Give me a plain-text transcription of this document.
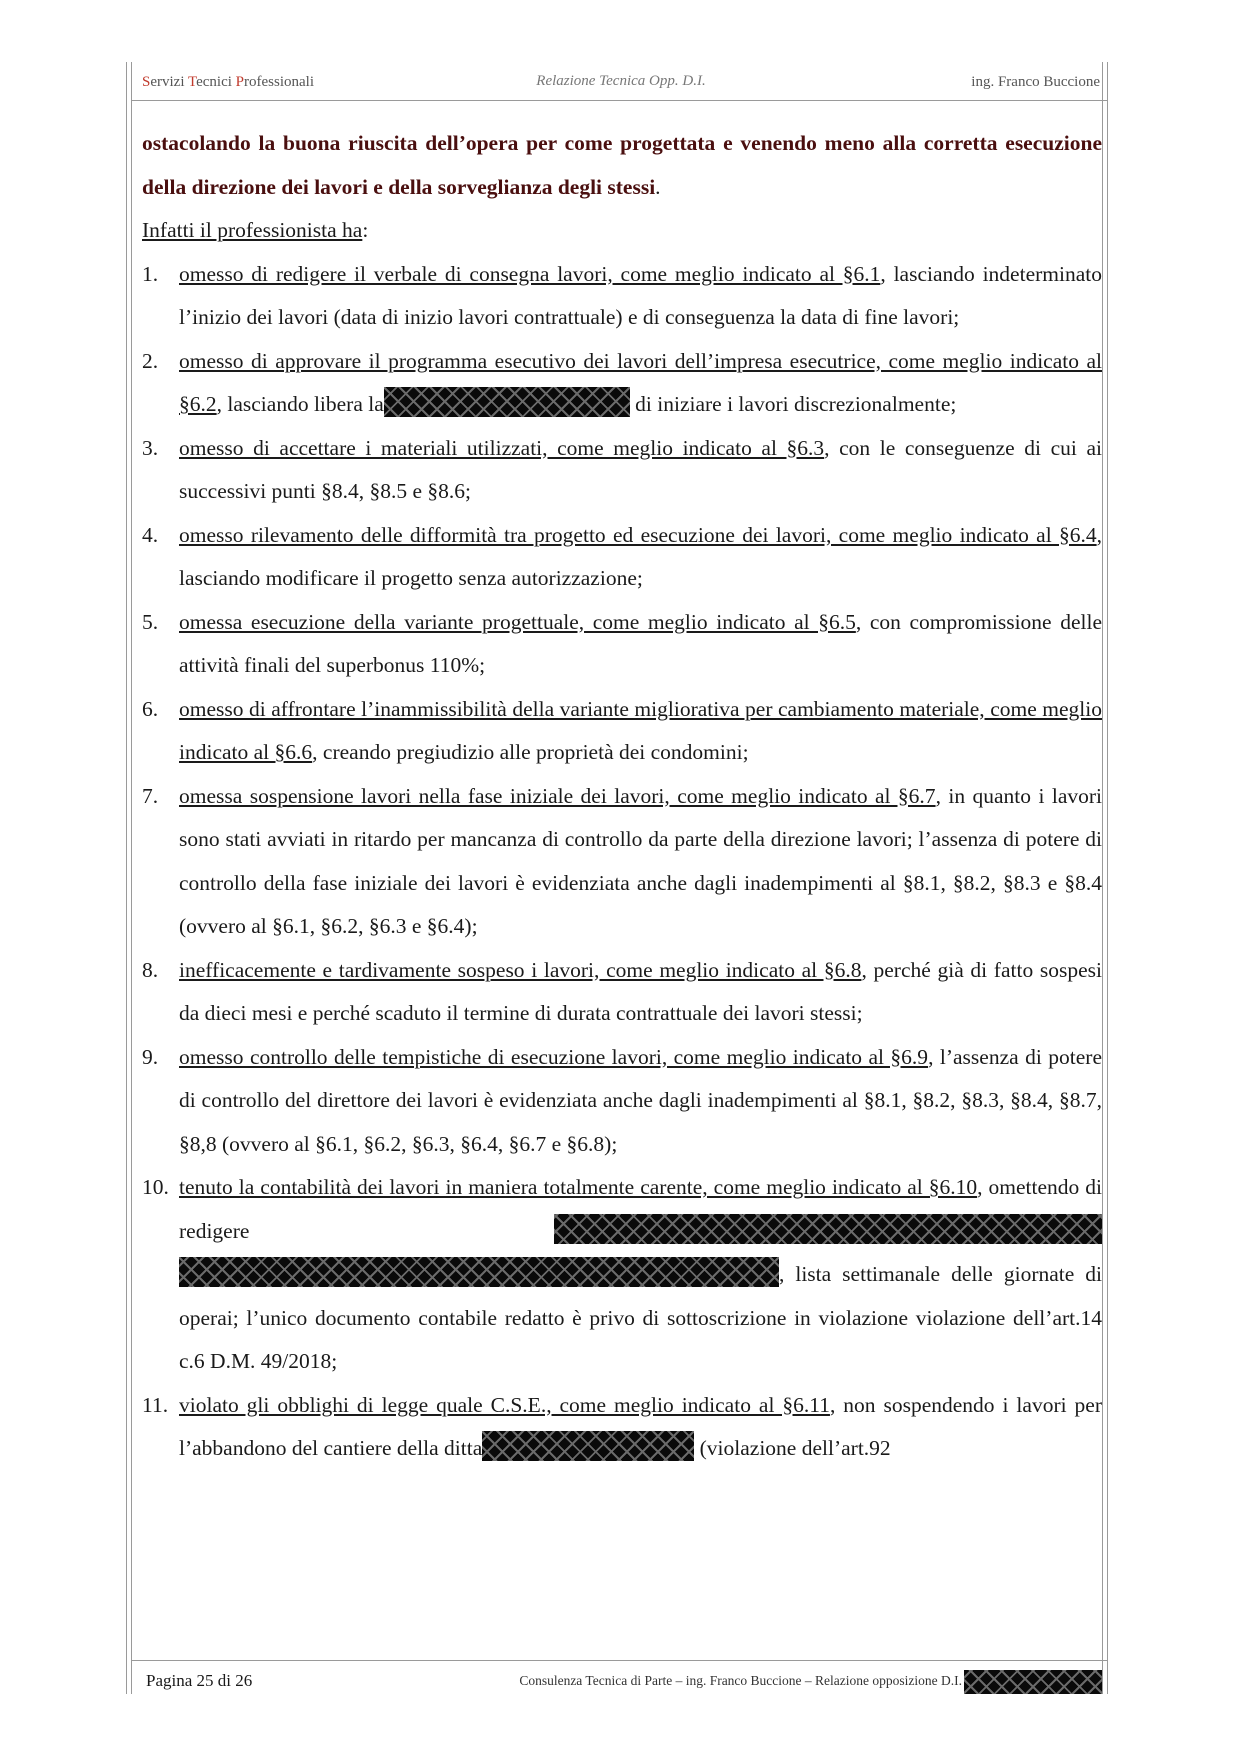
Servizi Tecnici Professionali	Relazione Tecnica Opp. D.I.	ing. Franco Buccione

ostacolando la buona riuscita dell’opera per come progettata e venendo meno alla corretta esecuzione della direzione dei lavori e della sorveglianza degli stessi.

Infatti il professionista ha:

1. omesso di redigere il verbale di consegna lavori, come meglio indicato al §6.1, lasciando indeterminato l’inizio dei lavori (data di inizio lavori contrattuale) e di conseguenza la data di fine lavori;
2. omesso di approvare il programma esecutivo dei lavori dell’impresa esecutrice, come meglio indicato al §6.2, lasciando libera la	di iniziare i lavori discrezionalmente;
3. omesso di accettare i materiali utilizzati, come meglio indicato al §6.3, con le conseguenze di cui ai successivi punti §8.4, §8.5 e §8.6;
4. omesso rilevamento delle difformità tra progetto ed esecuzione dei lavori, come meglio indicato al §6.4, lasciando modificare il progetto senza autorizzazione;
5. omessa esecuzione della variante progettuale, come meglio indicato al §6.5, con compromissione delle attività finali del superbonus 110%;
6. omesso di affrontare l’inammissibilità della variante migliorativa per cambiamento materiale, come meglio indicato al §6.6, creando pregiudizio alle proprietà dei condomini;
7. omessa sospensione lavori nella fase iniziale dei lavori, come meglio indicato al §6.7, in quanto i lavori sono stati avviati in ritardo per mancanza di controllo da parte della direzione lavori; l’assenza di potere di controllo della fase iniziale dei lavori è evidenziata anche dagli inadempimenti al §8.1, §8.2, §8.3 e §8.4 (ovvero al §6.1, §6.2, §6.3 e §6.4);
8. inefficacemente e tardivamente sospeso i lavori, come meglio indicato al §6.8, perché già di fatto sospesi da dieci mesi e perché scaduto il termine di durata contrattuale dei lavori stessi;
9. omesso controllo delle tempistiche di esecuzione lavori, come meglio indicato al §6.9, l’assenza di potere di controllo del direttore dei lavori è evidenziata anche dagli inadempimenti al §8.1, §8.2, §8.3, §8.4, §8.7, §8,8 (ovvero al §6.1, §6.2, §6.3, §6.4, §6.7 e §6.8);
10. tenuto la contabilità dei lavori in maniera totalmente carente, come meglio indicato al §6.10, omettendo di redigere , lista settimanale delle giornate di operai; l’unico documento contabile redatto è privo di sottoscrizione in violazione violazione dell’art.14 c.6 D.M. 49/2018;
11. violato gli obblighi di legge quale C.S.E., come meglio indicato al §6.11, non sospendendo i lavori per l’abbandono del cantiere della ditta	(violazione dell’art.92
Pagina 25 di 26	Consulenza Tecnica di Parte – ing. Franco Buccione – Relazione opposizione D.I.
